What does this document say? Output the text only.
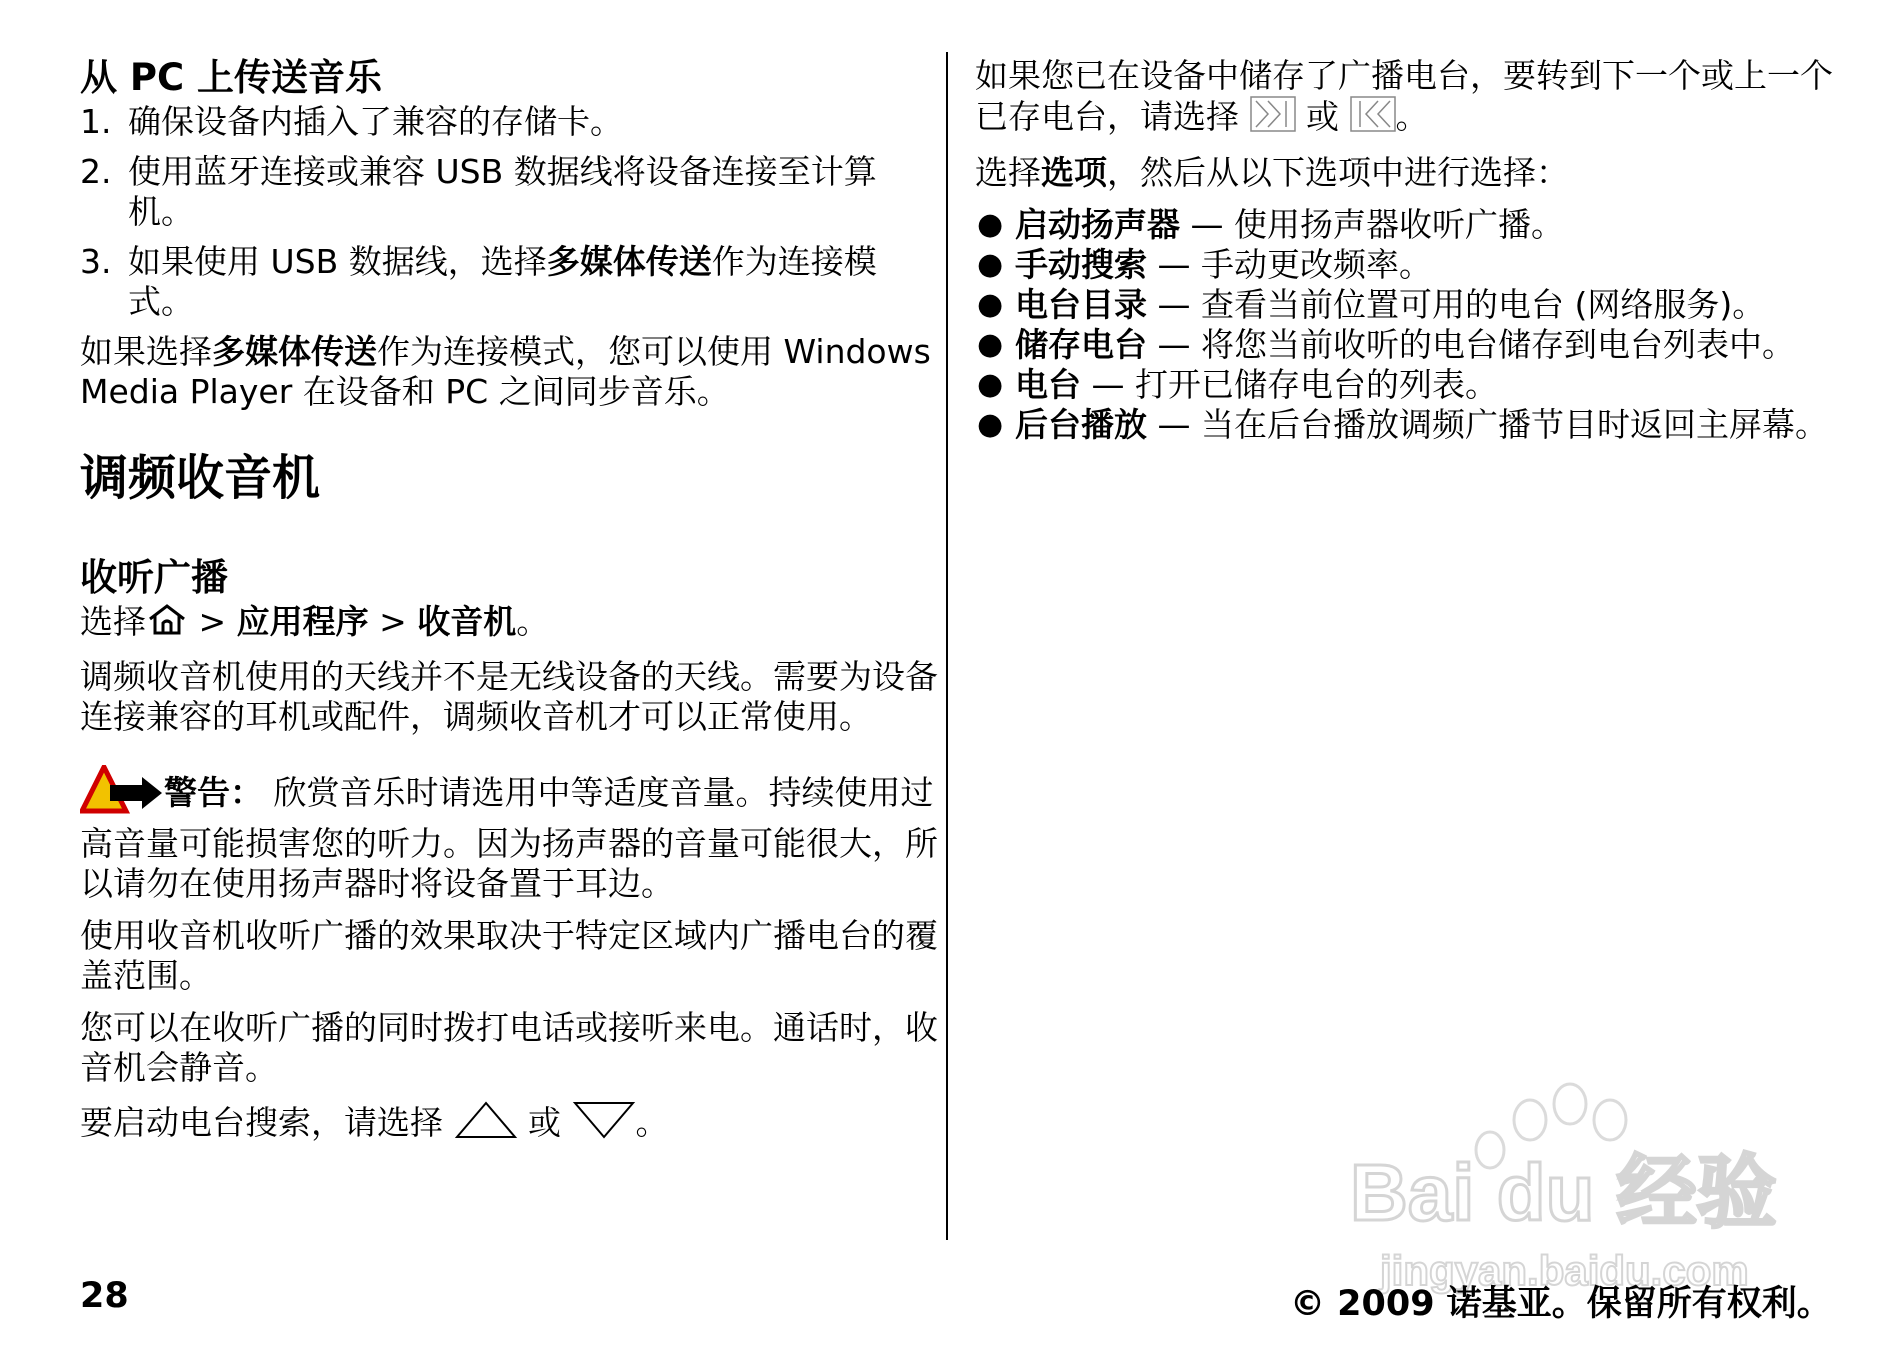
从 PC 上传送音乐
1. 确保设备内插入了兼容的存储卡。
2. 使用蓝牙连接或兼容 USB 数据线将设备连接至计算机。
3. 如果使用 USB 数据线，选择多媒体传送作为连接模式。

如果选择多媒体传送作为连接模式，您可以使用 Windows Media Player 在设备和 PC 之间同步音乐。

调频收音机
收听广播

选择 > 应用程序 > 收音机。

调频收音机使用的天线并不是无线设备的天线。需要为设备连接兼容的耳机或配件，调频收音机才可以正常使用。

警告： 欣赏音乐时请选用中等适度音量。持续使用过高音量可能损害您的听力。因为扬声器的音量可能很大，所以请勿在使用扬声器时将设备置于耳边。

使用收音机收听广播的效果取决于特定区域内广播电台的覆盖范围。

您可以在收听广播的同时拨打电话或接听来电。通话时，收音机会静音。

要启动电台搜索，请选择	或 。

如果您已在设备中储存了广播电台，要转到下一个或上一个已存电台，请选择 或 。

选择选项，然后从以下选项中进行选择：

● 启动扬声器 — 使用扬声器收听广播。
● 手动搜索 — 手动更改频率。
● 电台目录 — 查看当前位置可用的电台 (网络服务)。
● 储存电台 — 将您当前收听的电台储存到电台列表中。
● 电台 — 打开已储存电台的列表。
● 后台播放 — 当在后台播放调频广播节目时返回主屏幕。
Bai du 经验
jingyan.baidu.com
28	© 2009 诺基亚。保留所有权利。
